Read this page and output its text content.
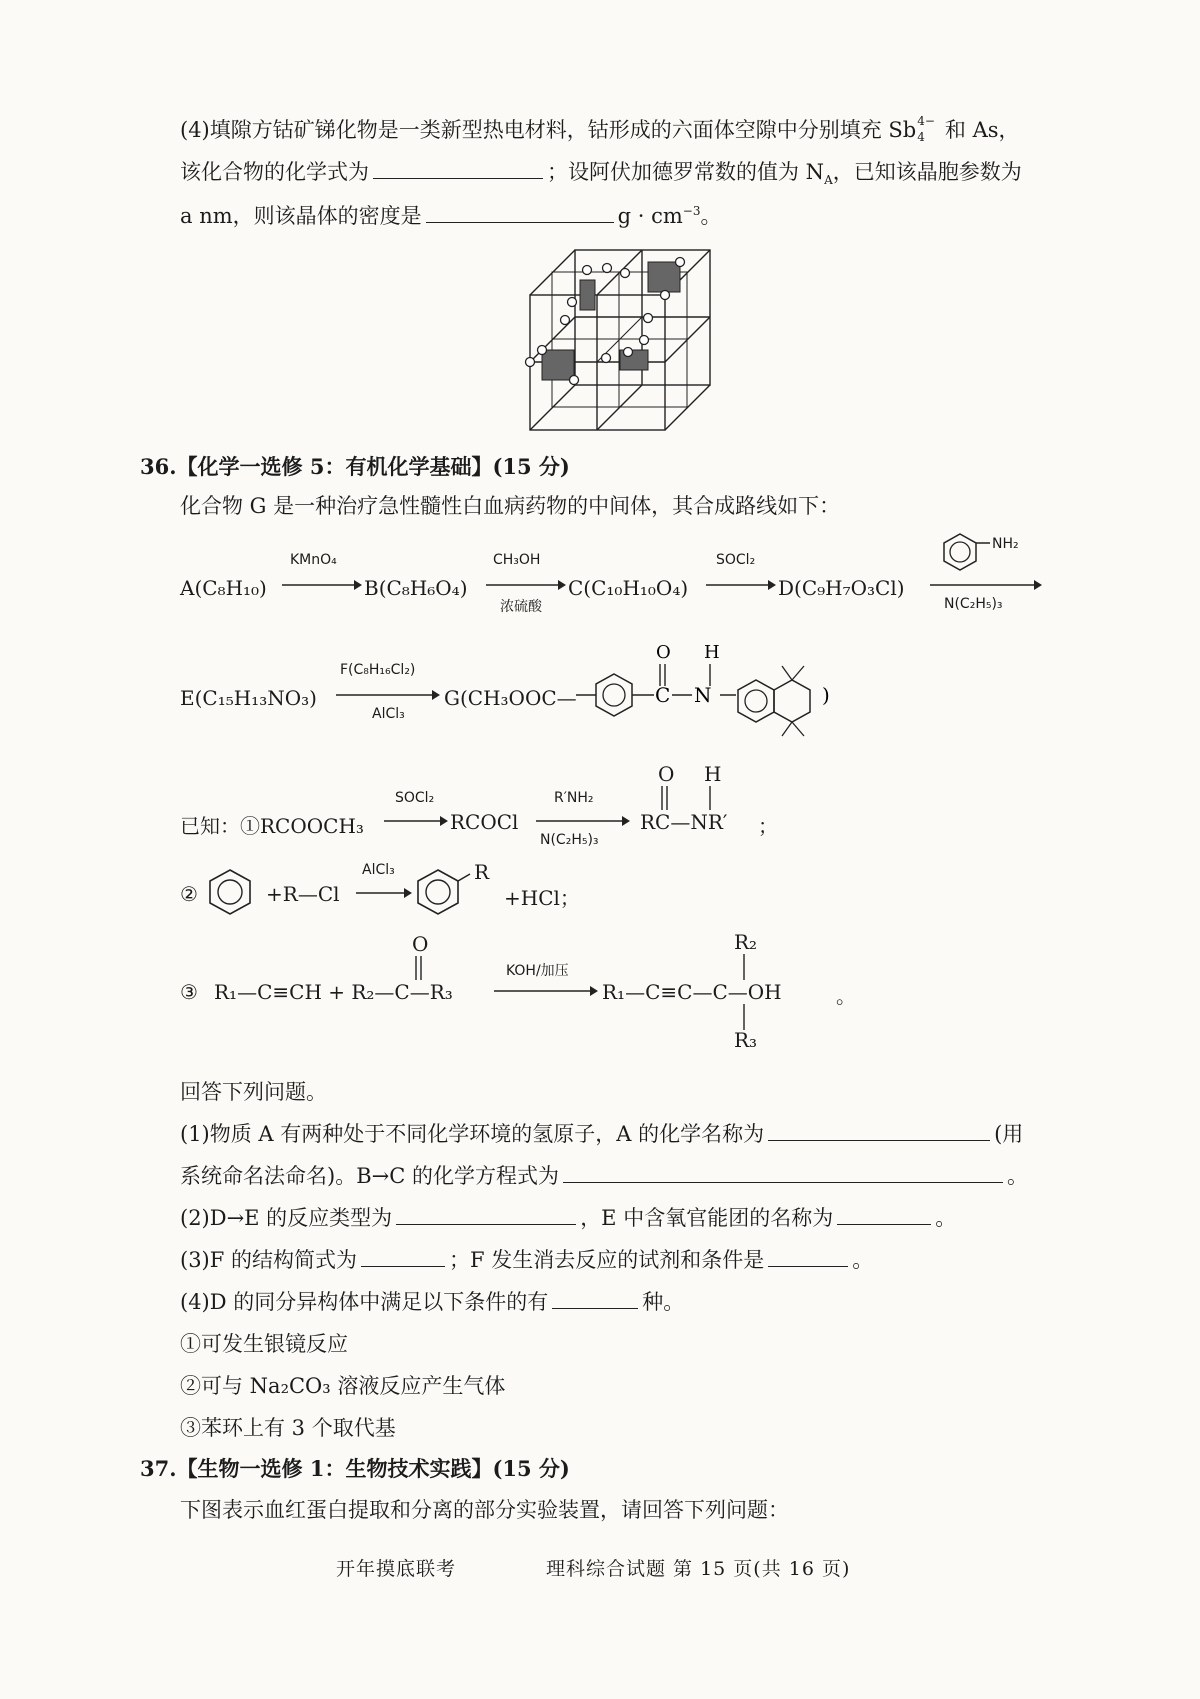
(4)填隙方钴矿锑化物是一类新型热电材料，钴形成的六面体空隙中分别填充 Sb 4−
4 和 As，
该化合物的化学式为	；设阿伏加德罗常数的值为 $N_A$，已知该晶胞参数为
a nm，则该晶体的密度是	$g \cdot cm^{-3}$。
36.【化学一选修 5：有机化学基础】(15 分)
化合物 G 是一种治疗急性髓性白血病药物的中间体，其合成路线如下：
A(C₈H₁₀)
KMnO₄
B(C₈H₆O₄)
CH₃OH
浓硫酸
C(C₁₀H₁₀O₄)
SOCl₂
D(C₉H₇O₃Cl)
NH₂
N(C₂H₅)₃
E(C₁₅H₁₃NO₃)
F(C₈H₁₆Cl₂)
AlCl₃
G(CH₃OOC—	C
O
N
H
)
已知：①RCOOCH₃
SOCl₂
RCOCl
R′NH₂
N(C₂H₅)₃
O H
RC—NR′ ；
②	+R—Cl
AlCl₃	R
+HCl；
③ R₁—C≡CH + R₂—C—R₃
O
KOH/加压
R₂
R₁—C≡C—C—OH
R₃
。
回答下列问题。
(1)物质 A 有两种处于不同化学环境的氢原子，A 的化学名称为	(用
系统命名法命名)。B→C 的化学方程式为	。
(2)D→E 的反应类型为	，E 中含氧官能团的名称为	。
(3)F 的结构简式为	；F 发生消去反应的试剂和条件是	。
(4)D 的同分异构体中满足以下条件的有	种。
①可发生银镜反应
②可与 Na₂CO₃ 溶液反应产生气体
③苯环上有 3 个取代基
37.【生物一选修 1：生物技术实践】(15 分)
下图表示血红蛋白提取和分离的部分实验装置，请回答下列问题：
开年摸底联考	理科综合试题 第 15 页(共 16 页)
